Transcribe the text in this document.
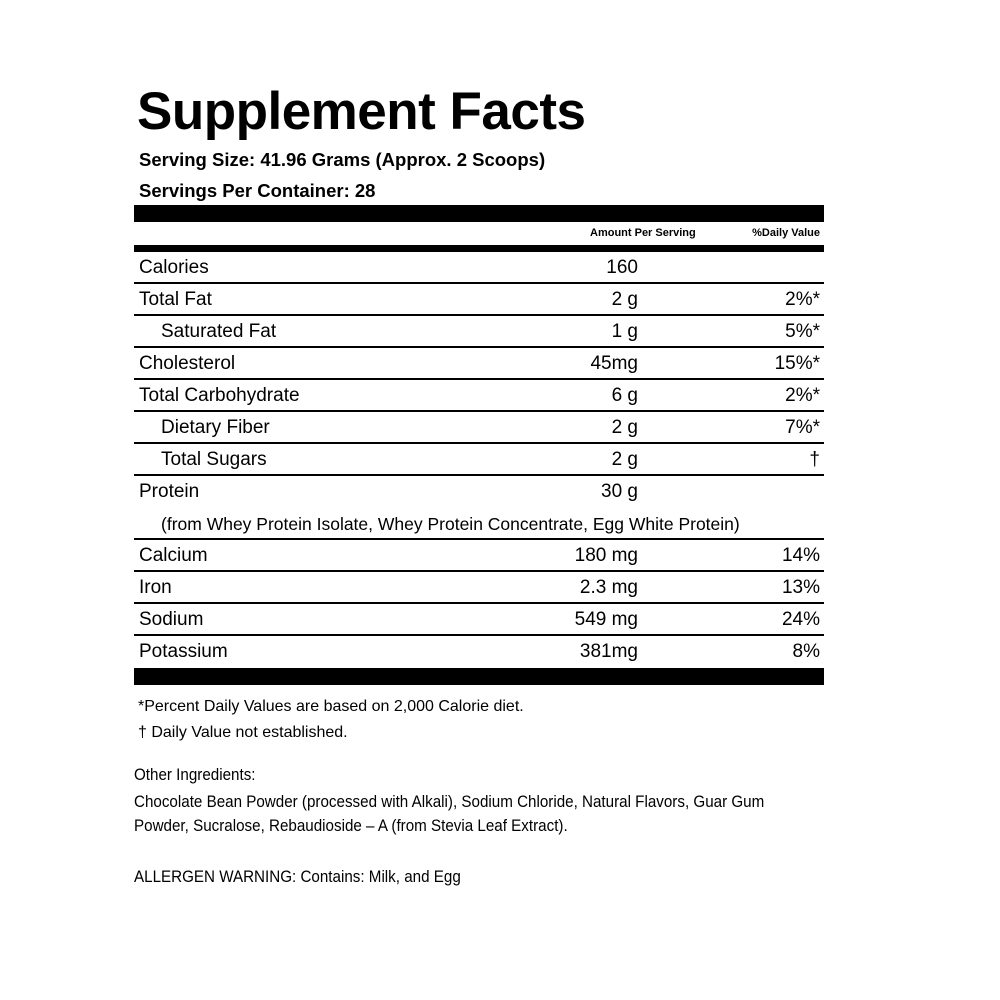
Supplement Facts
Serving Size: 41.96 Grams (Approx. 2 Scoops)
Servings Per Container: 28
Amount Per Serving	%Daily Value
Calories	160
Total Fat	2 g	2%*
Saturated Fat	1 g	5%*
Cholesterol	45mg	15%*
Total Carbohydrate	6 g	2%*
Dietary Fiber	2 g	7%*
Total Sugars	2 g	†
Protein	30 g
(from Whey Protein Isolate, Whey Protein Concentrate, Egg White Protein)
Calcium	180 mg	14%
Iron	2.3 mg	13%
Sodium	549 mg	24%
Potassium	381mg	8%
*Percent Daily Values are based on 2,000 Calorie diet.
† Daily Value not established.
Other Ingredients:
Chocolate Bean Powder (processed with Alkali), Sodium Chloride, Natural Flavors, Guar Gum
Powder, Sucralose, Rebaudioside – A (from Stevia Leaf Extract).
ALLERGEN WARNING: Contains: Milk, and Egg
